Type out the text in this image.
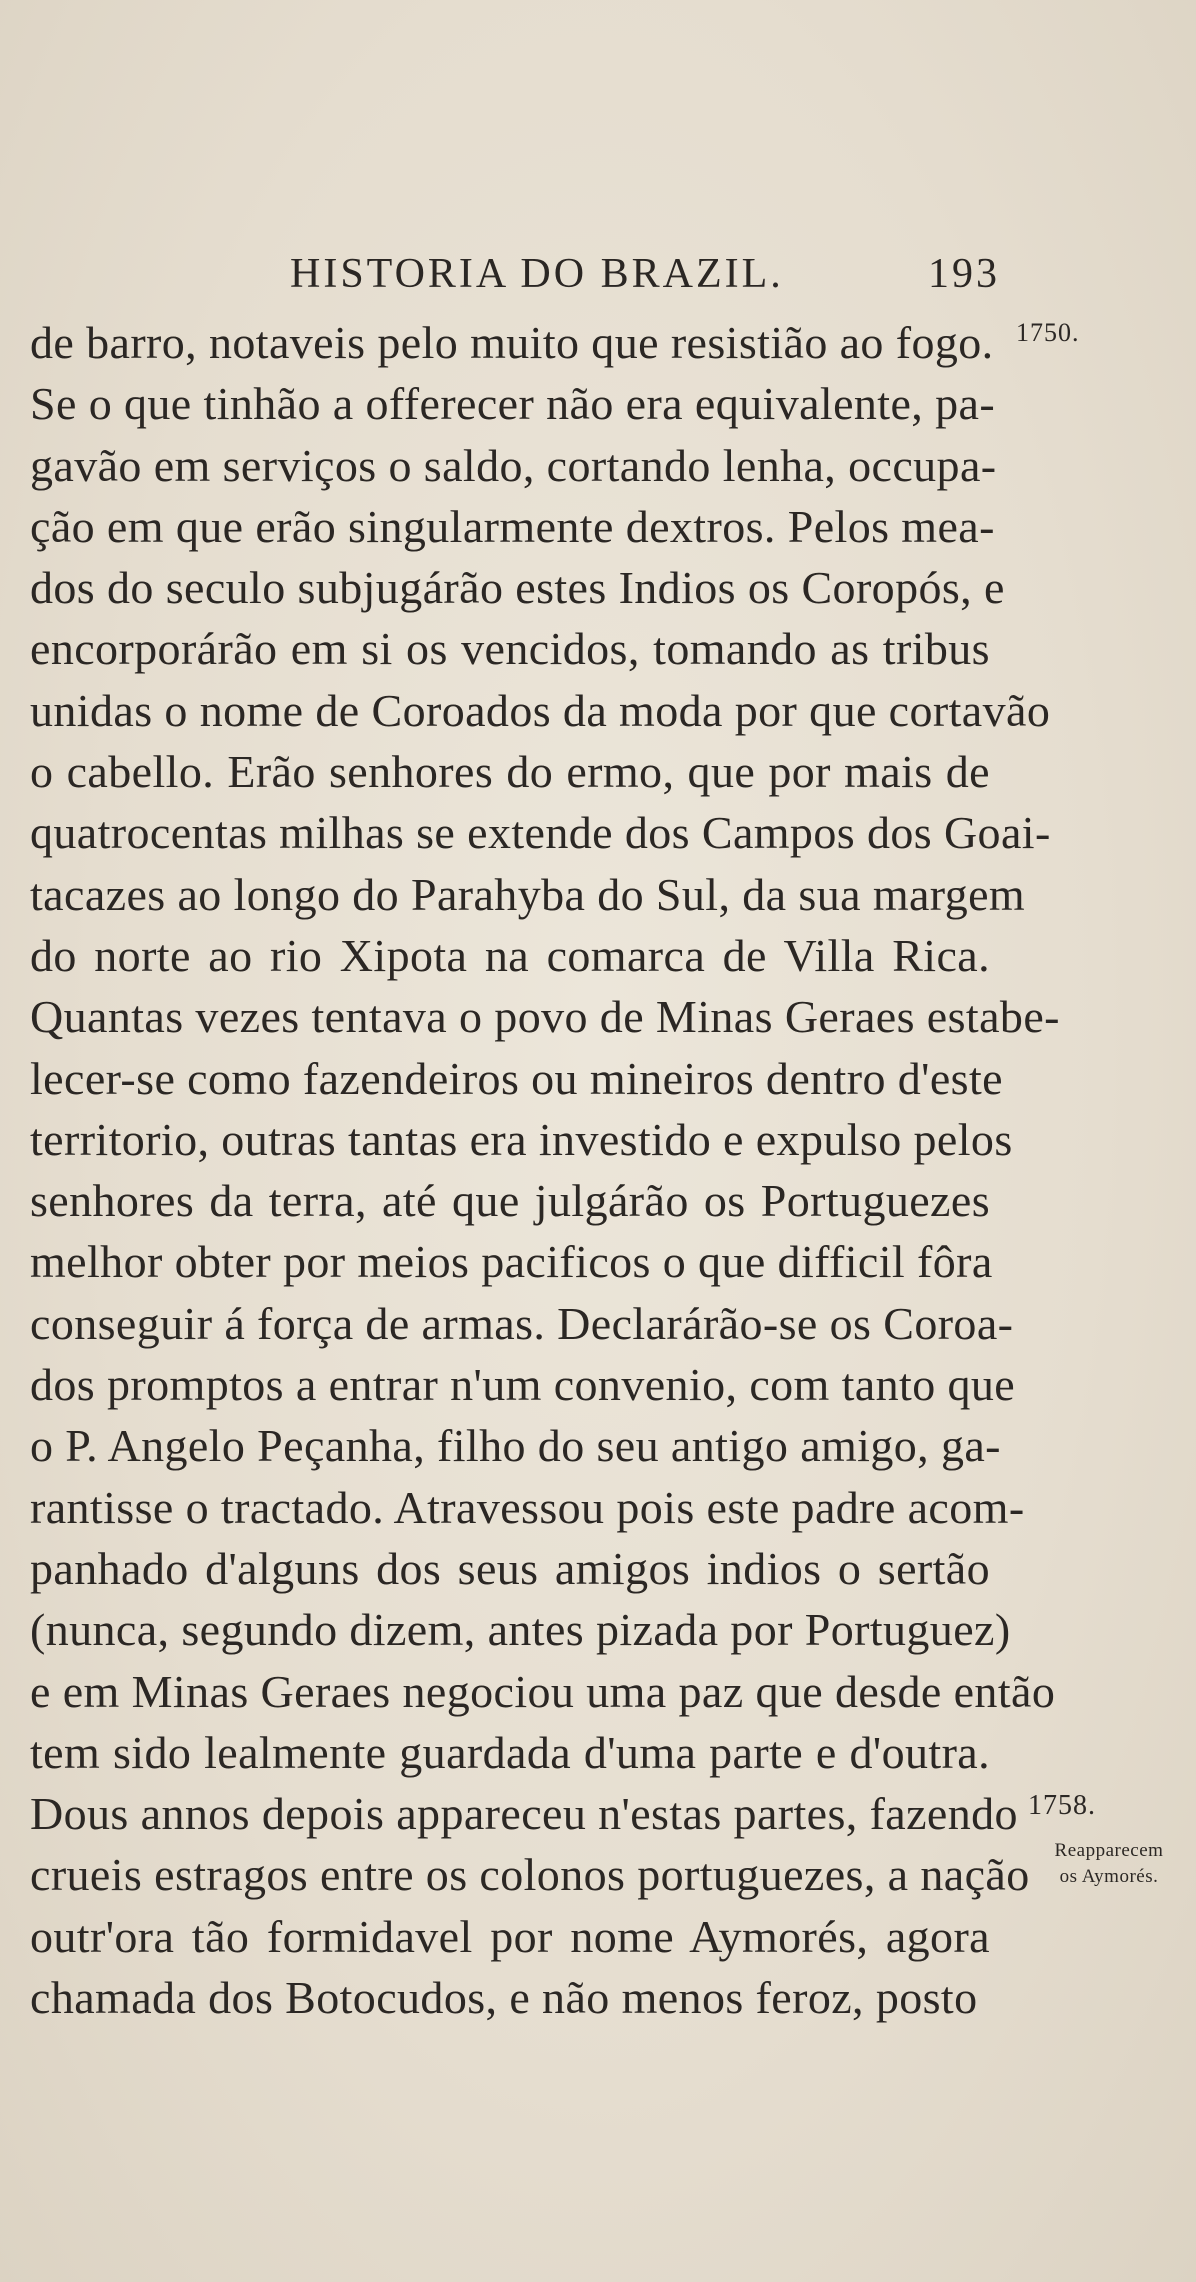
HISTORIA DO BRAZIL.	193
de barro, notaveis pelo muito que resistião ao fogo.
Se o que tinhão a offerecer não era equivalente, pa-
gavão em serviços o saldo, cortando lenha, occupa-
ção em que erão singularmente dextros. Pelos mea-
dos do seculo subjugárão estes Indios os Coropós, e
encorporárão em si os vencidos, tomando as tribus
unidas o nome de Coroados da moda por que cortavão
o cabello. Erão senhores do ermo, que por mais de
quatrocentas milhas se extende dos Campos dos Goai-
tacazes ao longo do Parahyba do Sul, da sua margem
do norte ao rio Xipota na comarca de Villa Rica.
Quantas vezes tentava o povo de Minas Geraes estabe-
lecer-se como fazendeiros ou mineiros dentro d'este
territorio, outras tantas era investido e expulso pelos
senhores da terra, até que julgárão os Portuguezes
melhor obter por meios pacificos o que difficil fôra
conseguir á força de armas. Declarárão-se os Coroa-
dos promptos a entrar n'um convenio, com tanto que
o P. Angelo Peçanha, filho do seu antigo amigo, ga-
rantisse o tractado. Atravessou pois este padre acom-
panhado d'alguns dos seus amigos indios o sertão
(nunca, segundo dizem, antes pizada por Portuguez)
e em Minas Geraes negociou uma paz que desde então
tem sido lealmente guardada d'uma parte e d'outra.
Dous annos depois appareceu n'estas partes, fazendo
crueis estragos entre os colonos portuguezes, a nação
outr'ora tão formidavel por nome Aymorés, agora
chamada dos Botocudos, e não menos feroz, posto
1750.
1758.
Reapparecem
os Aymorés.
